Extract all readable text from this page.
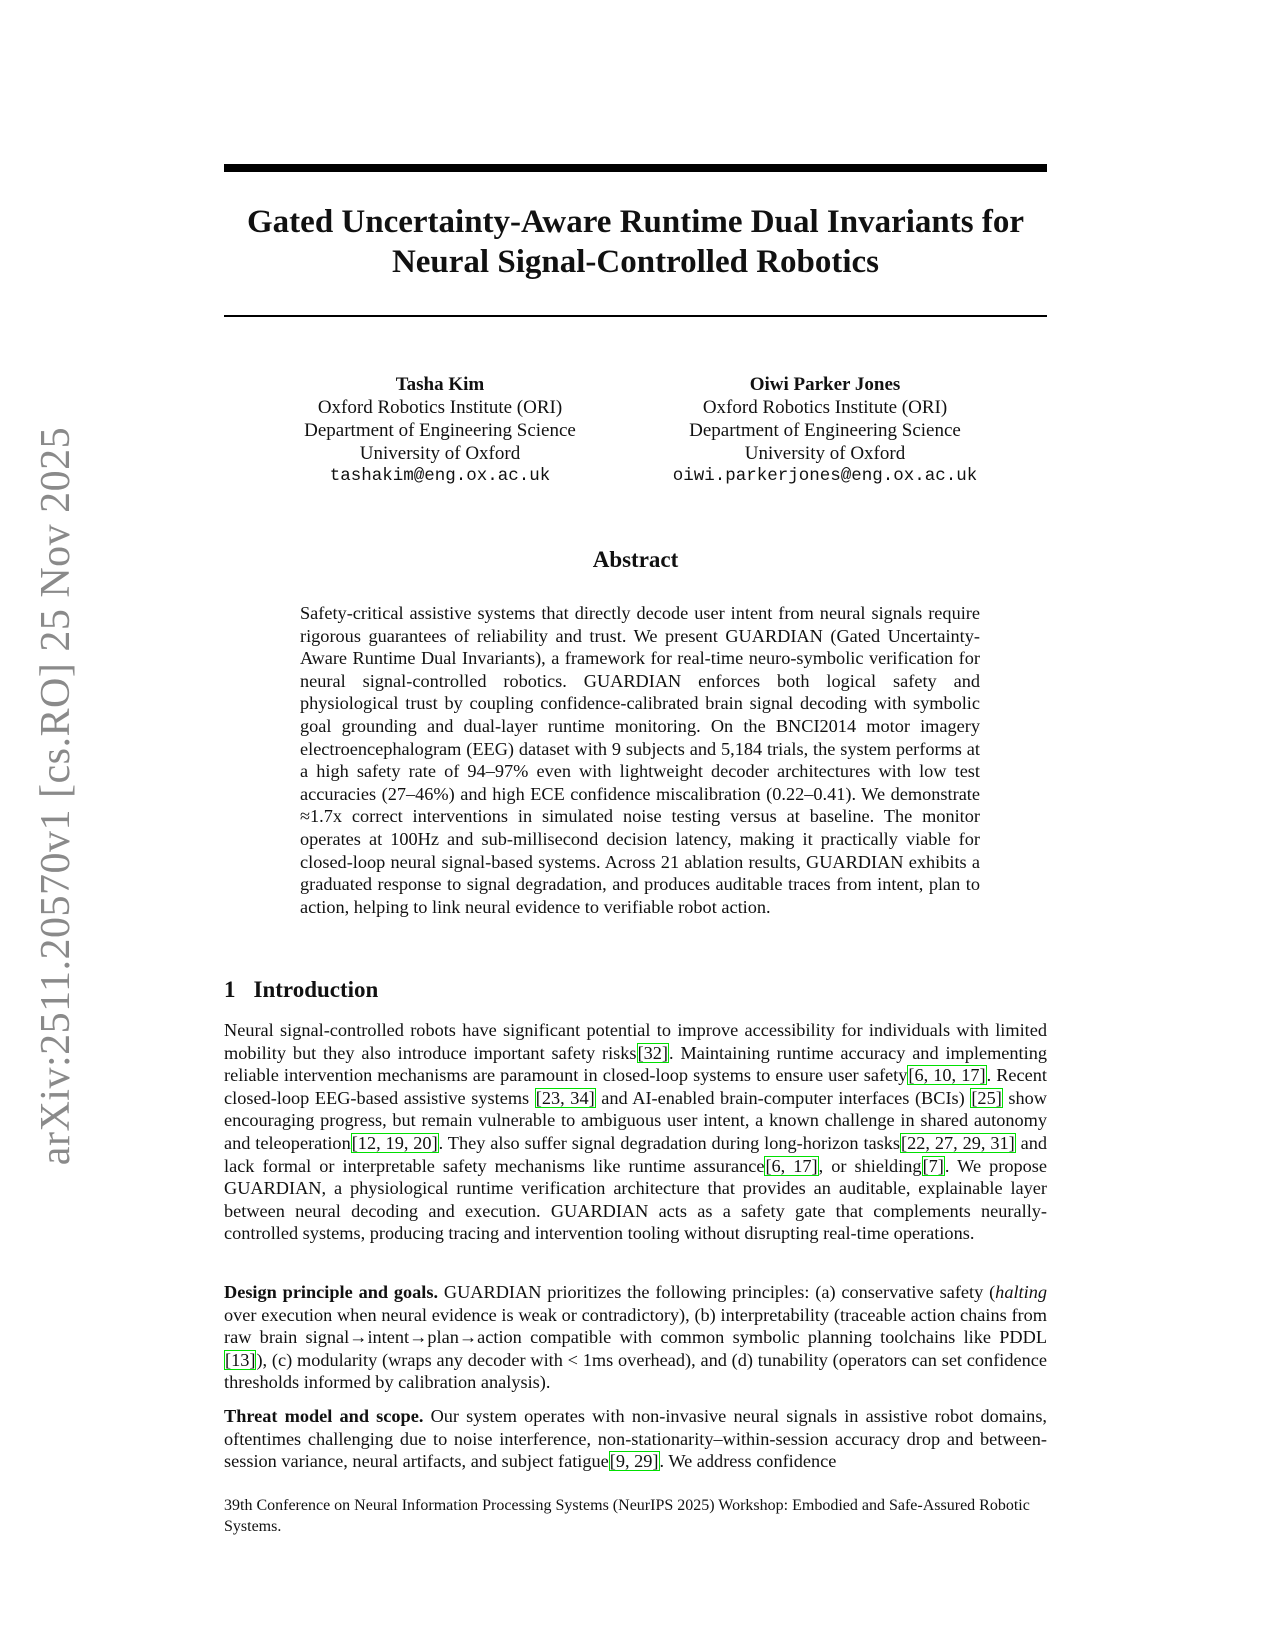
arXiv:2511.20570v1 [cs.RO] 25 Nov 2025
Gated Uncertainty-Aware Runtime Dual Invariants for
Neural Signal-Controlled Robotics
Tasha Kim
Oxford Robotics Institute (ORI)
Department of Engineering Science
University of Oxford
tashakim@eng.ox.ac.uk
Oiwi Parker Jones
Oxford Robotics Institute (ORI)
Department of Engineering Science
University of Oxford
oiwi.parkerjones@eng.ox.ac.uk
Abstract

Safety-critical assistive systems that directly decode user intent from neural signals require rigorous guarantees of reliability and trust. We present GUARDIAN (Gated Uncertainty-Aware Runtime Dual Invariants), a framework for real-time neuro-symbolic verification for neural signal-controlled robotics. GUARDIAN enforces both logical safety and physiological trust by coupling confidence-calibrated brain signal decoding with symbolic goal grounding and dual-layer runtime monitoring. On the BNCI2014 motor imagery electroencephalogram (EEG) dataset with 9 subjects and 5,184 trials, the system performs at a high safety rate of 94–97% even with lightweight decoder architectures with low test accuracies (27–46%) and high ECE confidence miscalibration (0.22–0.41). We demonstrate ≈1.7x correct interventions in simulated noise testing versus at baseline. The monitor operates at 100Hz and sub-millisecond decision latency, making it practically viable for closed-loop neural signal-based systems. Across 21 ablation results, GUARDIAN exhibits a graduated response to signal degradation, and produces auditable traces from intent, plan to action, helping to link neural evidence to verifiable robot action.

1 Introduction

Neural signal-controlled robots have significant potential to improve accessibility for individuals with limited mobility but they also introduce important safety risks[32]. Maintaining runtime accuracy and implementing reliable intervention mechanisms are paramount in closed-loop systems to ensure user safety[6, 10, 17]. Recent closed-loop EEG-based assistive systems [23, 34] and AI-enabled brain-computer interfaces (BCIs) [25] show encouraging progress, but remain vulnerable to ambiguous user intent, a known challenge in shared autonomy and teleoperation[12, 19, 20]. They also suffer signal degradation during long-horizon tasks[22, 27, 29, 31] and lack formal or interpretable safety mechanisms like runtime assurance[6, 17], or shielding[7]. We propose GUARDIAN, a physiological runtime verification architecture that provides an auditable, explainable layer between neural decoding and execution. GUARDIAN acts as a safety gate that complements neurally-controlled systems, producing tracing and intervention tooling without disrupting real-time operations.

Design principle and goals. GUARDIAN prioritizes the following principles: (a) conservative safety (halting over execution when neural evidence is weak or contradictory), (b) interpretability (traceable action chains from raw brain signal→intent→plan→action compatible with common symbolic planning toolchains like PDDL [13]), (c) modularity (wraps any decoder with < 1ms overhead), and (d) tunability (operators can set confidence thresholds informed by calibration analysis).

Threat model and scope. Our system operates with non-invasive neural signals in assistive robot domains, oftentimes challenging due to noise interference, non-stationarity–within-session accuracy drop and between-session variance, neural artifacts, and subject fatigue[9, 29]. We address confidence

39th Conference on Neural Information Processing Systems (NeurIPS 2025) Workshop: Embodied and Safe-Assured Robotic Systems.
